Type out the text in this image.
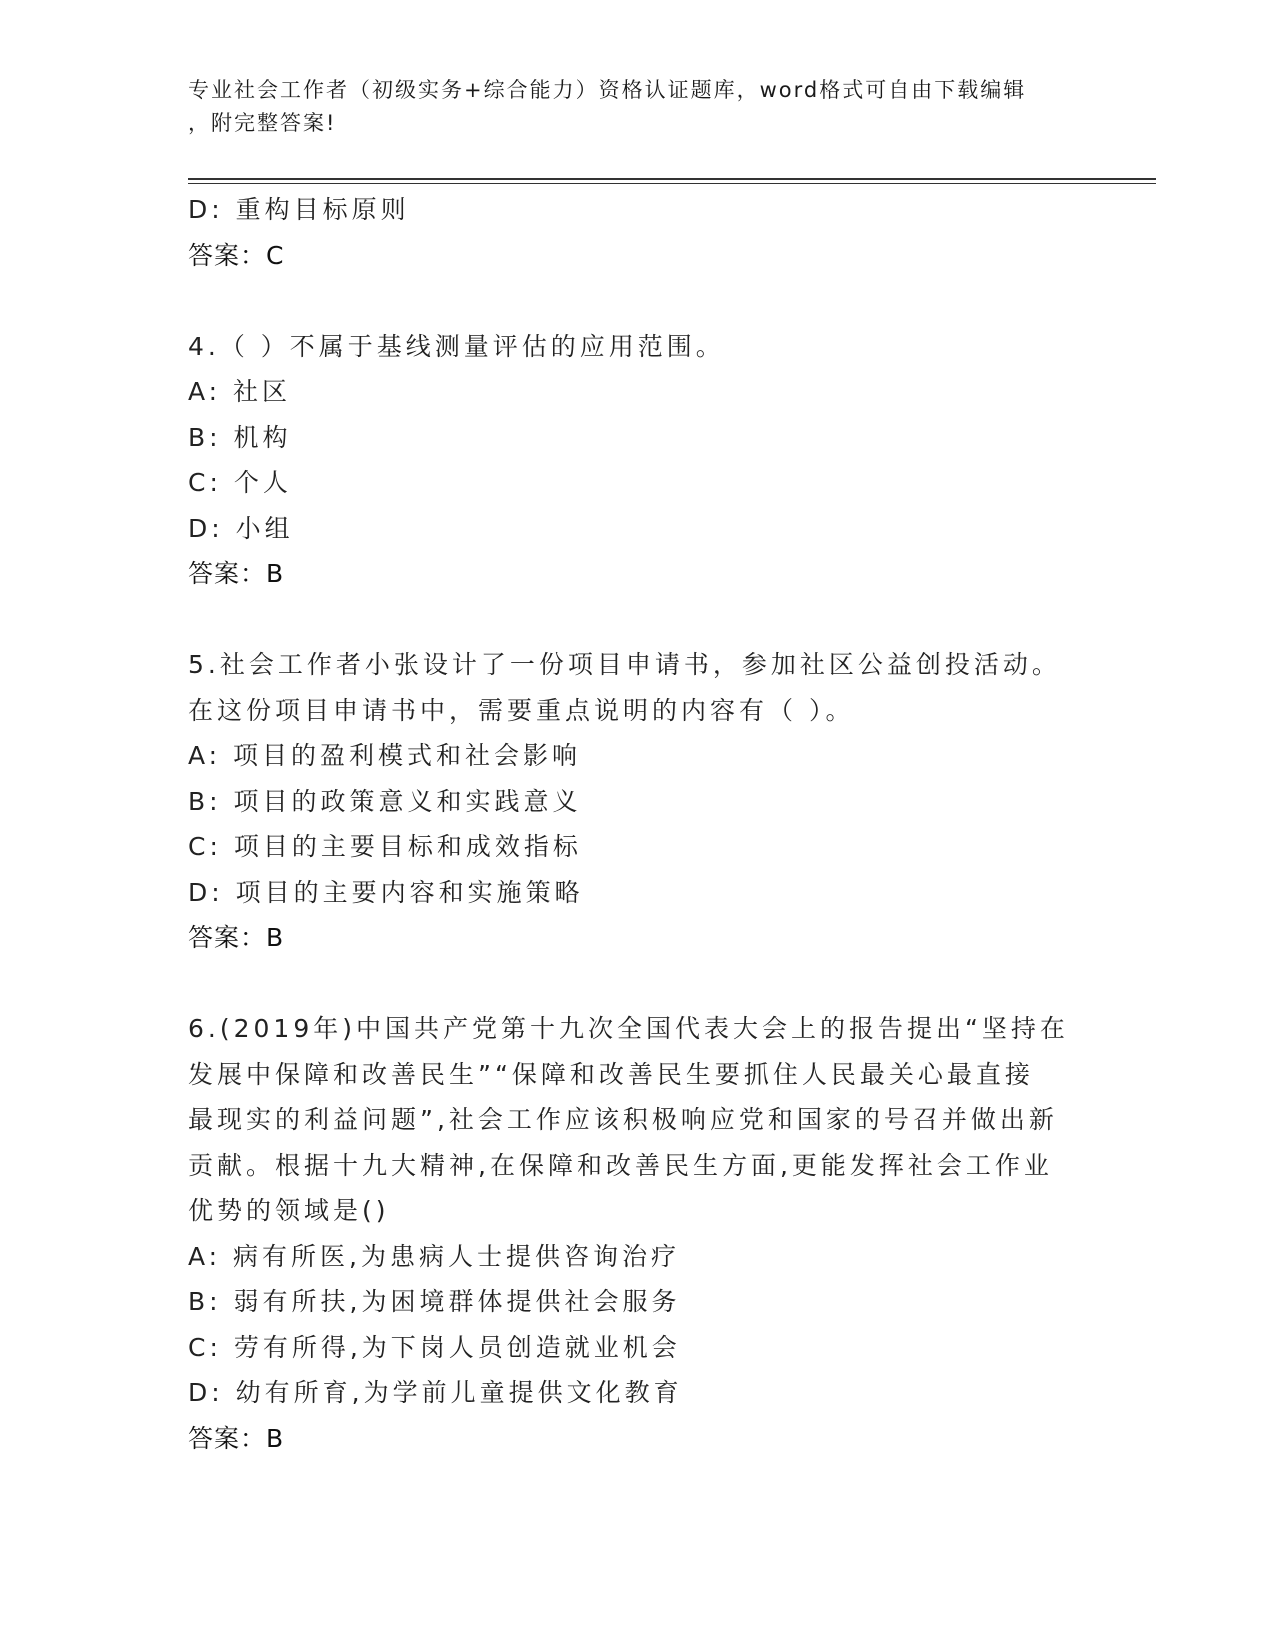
专业社会工作者（初级实务+综合能力）资格认证题库，word格式可自由下载编辑
，附完整答案!
D: 重构目标原则
答案：C
4.（ ）不属于基线测量评估的应用范围。
A: 社区
B: 机构
C: 个人
D: 小组
答案：B
5.社会工作者小张设计了一份项目申请书，参加社区公益创投活动。
在这份项目申请书中，需要重点说明的内容有（ ）。
A: 项目的盈利模式和社会影响
B: 项目的政策意义和实践意义
C: 项目的主要目标和成效指标
D: 项目的主要内容和实施策略
答案：B
6.(2019年)中国共产党第十九次全国代表大会上的报告提出“坚持在
发展中保障和改善民生”“保障和改善民生要抓住人民最关心最直接
最现实的利益问题”,社会工作应该积极响应党和国家的号召并做出新
贡献。根据十九大精神,在保障和改善民生方面,更能发挥社会工作业
优势的领域是()
A: 病有所医,为患病人士提供咨询治疗
B: 弱有所扶,为困境群体提供社会服务
C: 劳有所得,为下岗人员创造就业机会
D: 幼有所育,为学前儿童提供文化教育
答案：B
